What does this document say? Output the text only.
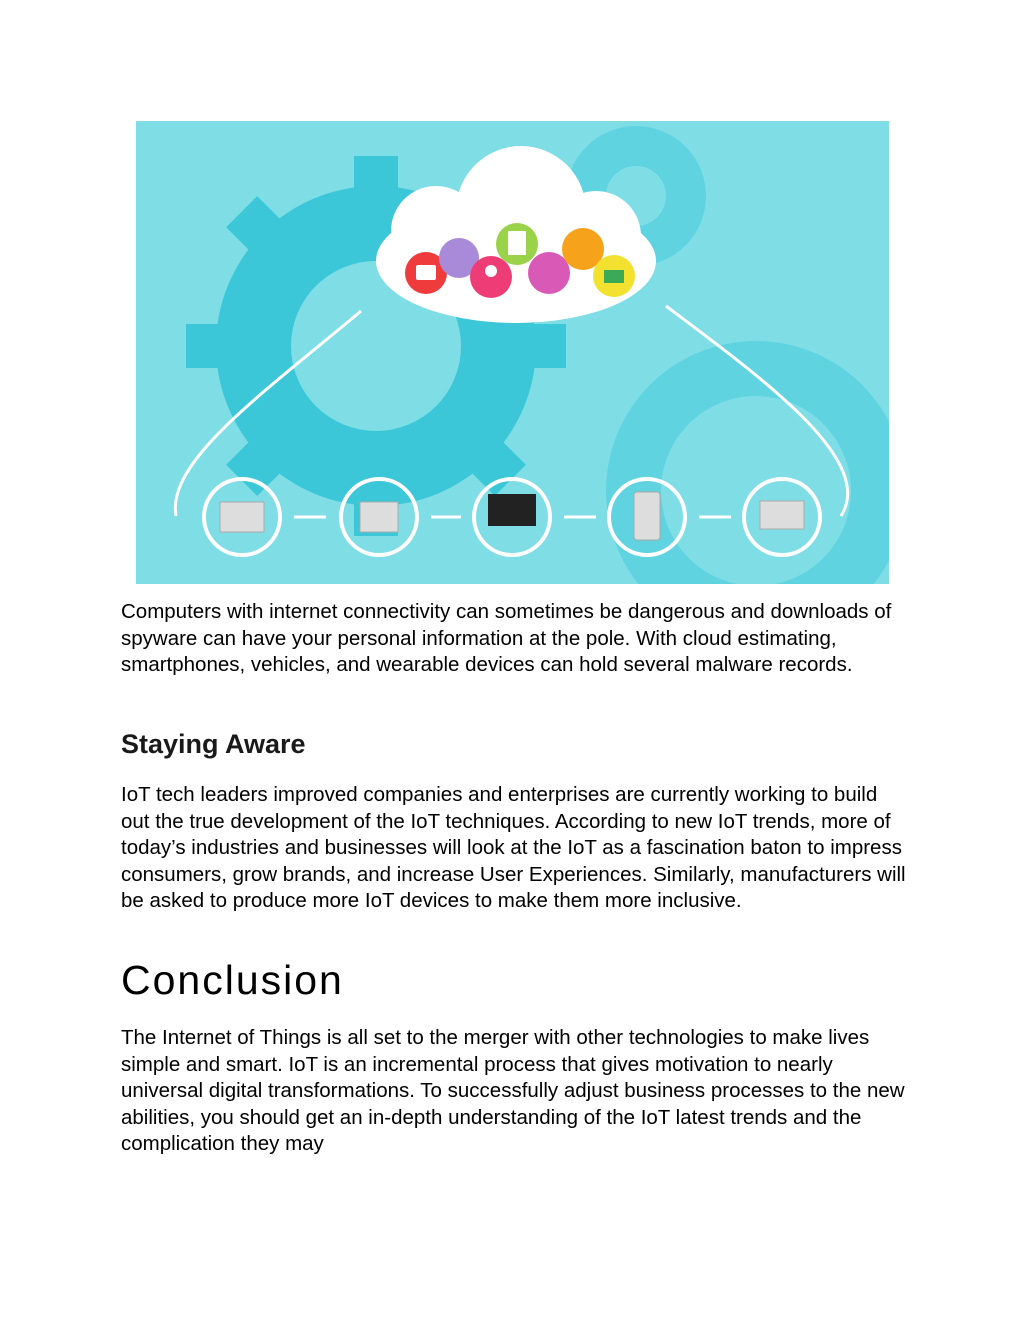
Computers with internet connectivity can sometimes be dangerous and downloads of spyware can have your personal information at the pole. With cloud estimating, smartphones, vehicles, and wearable devices can hold several malware records.

Staying Aware

IoT tech leaders improved companies and enterprises are currently working to build out the true development of the IoT techniques. According to new IoT trends, more of today’s industries and businesses will look at the IoT as a fascination baton to impress consumers, grow brands, and increase User Experiences. Similarly, manufacturers will be asked to produce more IoT devices to make them more inclusive.

Conclusion

The Internet of Things is all set to the merger with other technologies to make lives simple and smart. IoT is an incremental process that gives motivation to nearly universal digital transformations. To successfully adjust business processes to the new abilities, you should get an in-depth understanding of the IoT latest trends and the complication they may
